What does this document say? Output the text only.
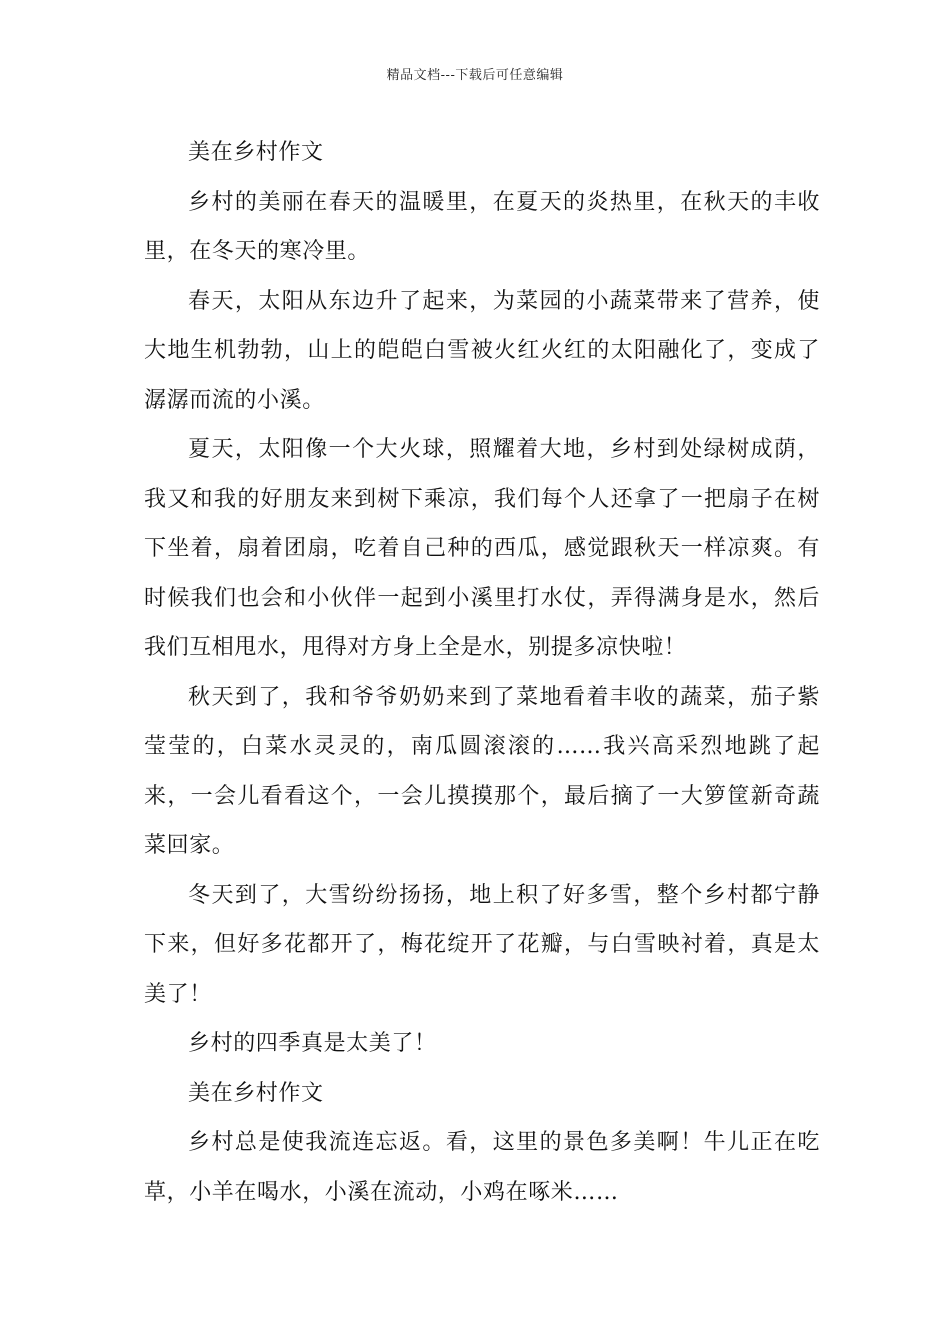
精品文档---下载后可任意编辑

美在乡村作文

乡村的美丽在春天的温暖里，在夏天的炎热里，在秋天的丰收里，在冬天的寒冷里。

春天，太阳从东边升了起来，为菜园的小蔬菜带来了营养，使大地生机勃勃，山上的皑皑白雪被火红火红的太阳融化了，变成了潺潺而流的小溪。

夏天，太阳像一个大火球，照耀着大地，乡村到处绿树成荫，我又和我的好朋友来到树下乘凉，我们每个人还拿了一把扇子在树下坐着，扇着团扇，吃着自己种的西瓜，感觉跟秋天一样凉爽。有时候我们也会和小伙伴一起到小溪里打水仗，弄得满身是水，然后我们互相甩水，甩得对方身上全是水，别提多凉快啦！

秋天到了，我和爷爷奶奶来到了菜地看着丰收的蔬菜，茄子紫莹莹的，白菜水灵灵的，南瓜圆滚滚的……我兴高采烈地跳了起来，一会儿看看这个，一会儿摸摸那个，最后摘了一大箩筐新奇蔬菜回家。

冬天到了，大雪纷纷扬扬，地上积了好多雪，整个乡村都宁静下来，但好多花都开了，梅花绽开了花瓣，与白雪映衬着，真是太美了！

乡村的四季真是太美了！

美在乡村作文

乡村总是使我流连忘返。看，这里的景色多美啊！牛儿正在吃草，小羊在喝水，小溪在流动，小鸡在啄米……
